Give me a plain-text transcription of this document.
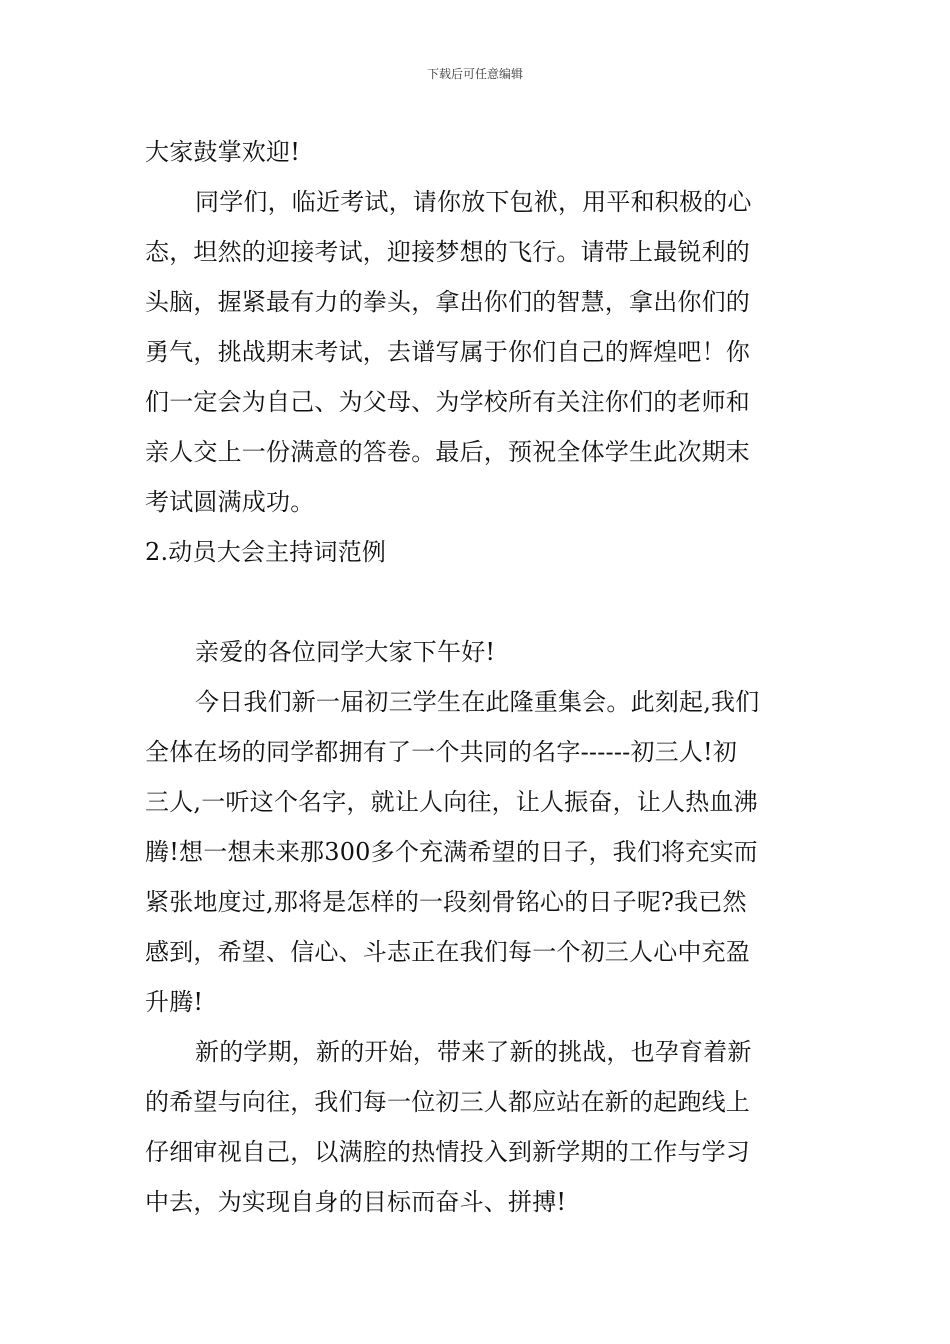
下载后可任意编辑
大家鼓掌欢迎!
同学们，临近考试，请你放下包袱，用平和积极的心
态，坦然的迎接考试，迎接梦想的飞行。请带上最锐利的
头脑，握紧最有力的拳头，拿出你们的智慧，拿出你们的
勇气，挑战期末考试，去谱写属于你们自己的辉煌吧！你
们一定会为自己、为父母、为学校所有关注你们的老师和
亲人交上一份满意的答卷。最后，预祝全体学生此次期末
考试圆满成功。
2.动员大会主持词范例
亲爱的各位同学大家下午好!
今日我们新一届初三学生在此隆重集会。此刻起,我们
全体在场的同学都拥有了一个共同的名字------初三人!初
三人,一听这个名字，就让人向往，让人振奋，让人热血沸
腾!想一想未来那300多个充满希望的日子，我们将充实而
紧张地度过,那将是怎样的一段刻骨铭心的日子呢?我已然
感到，希望、信心、斗志正在我们每一个初三人心中充盈
升腾!
新的学期，新的开始，带来了新的挑战，也孕育着新
的希望与向往，我们每一位初三人都应站在新的起跑线上
仔细审视自己，以满腔的热情投入到新学期的工作与学习
中去，为实现自身的目标而奋斗、拼搏!
